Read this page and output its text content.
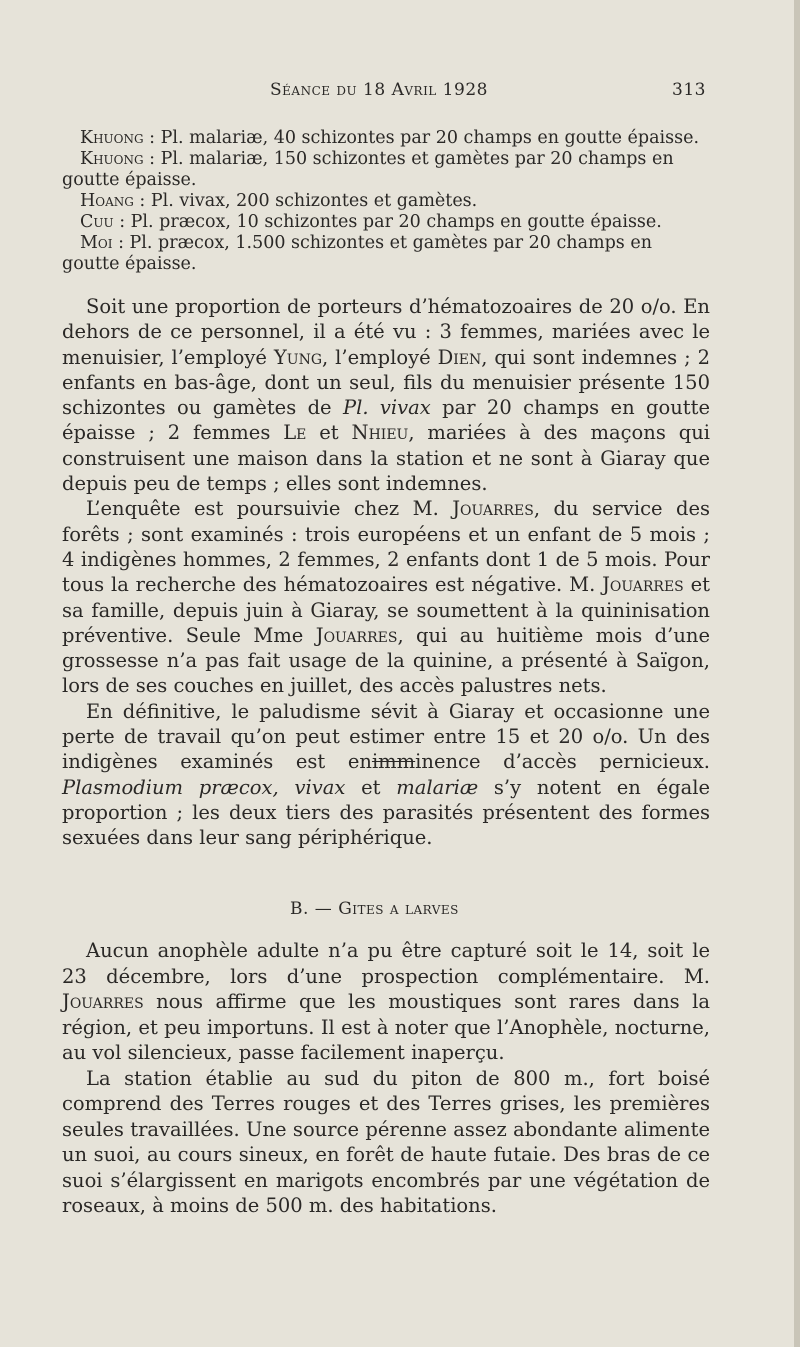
Séance du 18 Avril 1928	313

Khuong : Pl. malariæ, 40 schizontes par 20 champs en goutte épaisse.

Khuong : Pl. malariæ, 150 schizontes et gamètes par 20 champs en goutte épaisse.

Hoang : Pl. vivax, 200 schizontes et gamètes.

Cuu : Pl. præcox, 10 schizontes par 20 champs en goutte épaisse.

Moi : Pl. præcox, 1.500 schizontes et gamètes par 20 champs en goutte épaisse.

Soit une proportion de porteurs d’hématozoaires de 20 o/o. En dehors de ce personnel, il a été vu : 3 femmes, mariées avec le menuisier, l’employé Yung, l’employé Dien, qui sont indemnes ; 2 enfants en bas-âge, dont un seul, fils du menuisier présente 150 schizontes ou gamètes de Pl. vivax par 20 champs en goutte épaisse ; 2 femmes Le et Nhieu, mariées à des maçons qui construisent une maison dans la station et ne sont à Giaray que depuis peu de temps ; elles sont indemnes.

L’enquête est poursuivie chez M. Jouarres, du service des forêts ; sont examinés : trois européens et un enfant de 5 mois ; 4 indigènes hommes, 2 femmes, 2 enfants dont 1 de 5 mois. Pour tous la recherche des hématozoaires est négative. M. Jouarres et sa famille, depuis juin à Giaray, se soumettent à la quininisation préventive. Seule Mme Jouarres, qui au huitième mois d’une grossesse n’a pas fait usage de la quinine, a présenté à Saïgon, lors de ses couches en juillet, des accès palustres nets.

En définitive, le paludisme sévit à Giaray et occasionne une perte de travail qu’on peut estimer entre 15 et 20 o/o. Un des indigènes examinés est enimminence d’accès pernicieux. Plasmodium præcox, vivax et malariæ s’y notent en égale proportion ; les deux tiers des parasités présentent des formes sexuées dans leur sang périphérique.

B. — Gites a larves

Aucun anophèle adulte n’a pu être capturé soit le 14, soit le 23 décembre, lors d’une prospection complémentaire. M. Jouarres nous affirme que les moustiques sont rares dans la région, et peu importuns. Il est à noter que l’Anophèle, nocturne, au vol silencieux, passe facilement inaperçu.

La station établie au sud du piton de 800 m., fort boisé comprend des Terres rouges et des Terres grises, les premières seules travaillées. Une source pérenne assez abondante alimente un suoi, au cours sineux, en forêt de haute futaie. Des bras de ce suoi s’élargissent en marigots encombrés par une végétation de roseaux, à moins de 500 m. des habitations.
